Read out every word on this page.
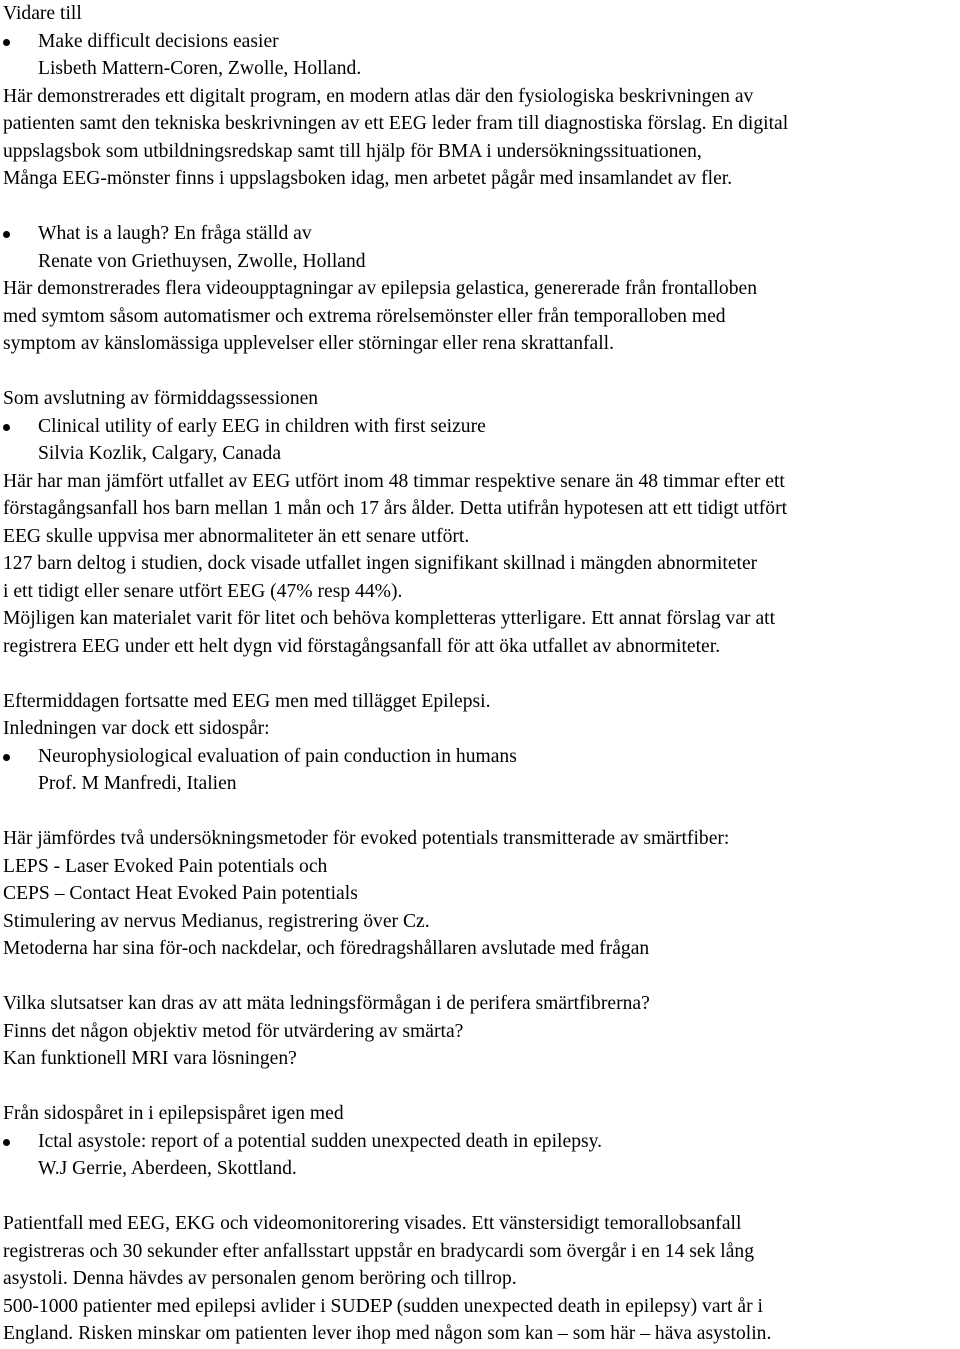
Vidare till
Make difficult decisions easier
Lisbeth Mattern-Coren, Zwolle, Holland.
Här demonstrerades ett digitalt program, en modern atlas där den fysiologiska beskrivningen av
patienten samt den tekniska beskrivningen av ett EEG leder fram till diagnostiska förslag. En digital
uppslagsbok som utbildningsredskap samt till hjälp för BMA i undersökningssituationen,
Många EEG-mönster finns i uppslagsboken idag, men arbetet pågår med insamlandet av fler.
What is a laugh? En fråga ställd av
Renate von Griethuysen, Zwolle, Holland
Här demonstrerades flera videoupptagningar av epilepsia gelastica, genererade från frontalloben
med symtom såsom automatismer och extrema rörelsemönster eller från temporalloben med
symptom av känslomässiga upplevelser eller störningar eller rena skrattanfall.
Som avslutning av förmiddagssessionen
Clinical utility of early EEG in children with first seizure
Silvia Kozlik, Calgary, Canada
Här har man jämfört utfallet av EEG utfört inom 48 timmar respektive senare än 48 timmar efter ett
förstagångsanfall hos barn mellan 1 mån och 17 års ålder. Detta utifrån hypotesen att ett tidigt utfört
EEG skulle uppvisa mer abnormaliteter än ett senare utfört.
127 barn deltog i studien, dock visade utfallet ingen signifikant skillnad i mängden abnormiteter
i ett tidigt eller senare utfört EEG (47% resp 44%).
Möjligen kan materialet varit för litet och behöva kompletteras ytterligare. Ett annat förslag var att
registrera EEG under ett helt dygn vid förstagångsanfall för att öka utfallet av abnormiteter.
Eftermiddagen fortsatte med EEG men med tillägget Epilepsi.
Inledningen var dock ett sidospår:
Neurophysiological evaluation of pain conduction in humans
Prof. M Manfredi, Italien
Här jämfördes två undersökningsmetoder för evoked potentials transmitterade av smärtfiber:
LEPS - Laser Evoked Pain potentials och
CEPS – Contact Heat Evoked Pain potentials
Stimulering av nervus Medianus, registrering över Cz.
Metoderna har sina för-och nackdelar, och föredragshållaren avslutade med frågan
Vilka slutsatser kan dras av att mäta ledningsförmågan i de perifera smärtfibrerna?
Finns det någon objektiv metod för utvärdering av smärta?
Kan funktionell MRI vara lösningen?
Från sidospåret in i epilepsispåret igen med
Ictal asystole: report of a potential sudden unexpected death in epilepsy.
W.J Gerrie, Aberdeen, Skottland.
Patientfall med EEG, EKG och videomonitorering visades. Ett vänstersidigt temorallobsanfall
registreras och 30 sekunder efter anfallsstart uppstår en bradycardi som övergår i en 14 sek lång
asystoli. Denna hävdes av personalen genom beröring och tillrop.
500-1000 patienter med epilepsi avlider i SUDEP (sudden unexpected death in epilepsy) vart år i
England. Risken minskar om patienten lever ihop med någon som kan – som här – häva asystolin.
